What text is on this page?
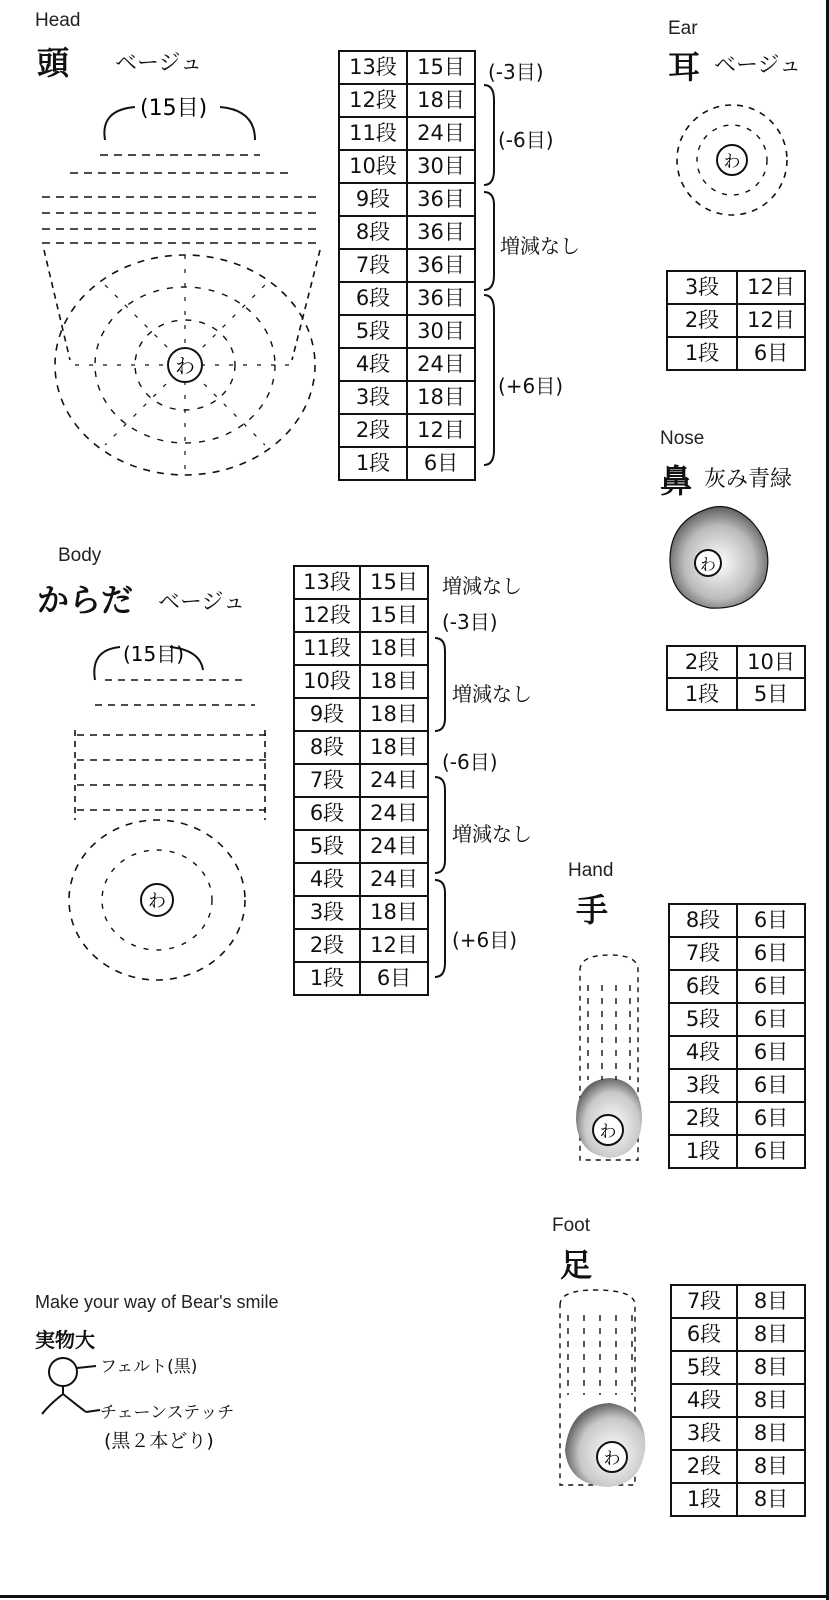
Head
頭 ベージュ
(15目)
わ
13段	15目
12段	18目
11段	24目
10段	30目
9段	36目
8段	36目
7段	36目
6段	36目
5段	30目
4段	24目
3段	18目
2段	12目
1段	6目
(-3目)
(-6目)
増減なし
(+6目)
Ear
耳 ベージュ
わ
3段	12目
2段	12目
1段	6目
Nose
鼻 灰み青緑
わ
2段	10目
1段	5目
Body
からだ ベージュ
(15目)
わ
13段	15目
12段	15目
11段	18目
10段	18目
9段	18目
8段	18目
7段	24目
6段	24目
5段	24目
4段	24目
3段	18目
2段	12目
1段	6目
増減なし
(-3目)
増減なし
(-6目)
増減なし
(+6目)
Hand
手
わ
8段	6目
7段	6目
6段	6目
5段	6目
4段	6目
3段	6目
2段	6目
1段	6目
Foot
足
わ
7段	8目
6段	8目
5段	8目
4段	8目
3段	8目
2段	8目
1段	8目
Make your way of Bear's smile
実物大
フェルト(黒)
チェーンステッチ
(黒２本どり)
